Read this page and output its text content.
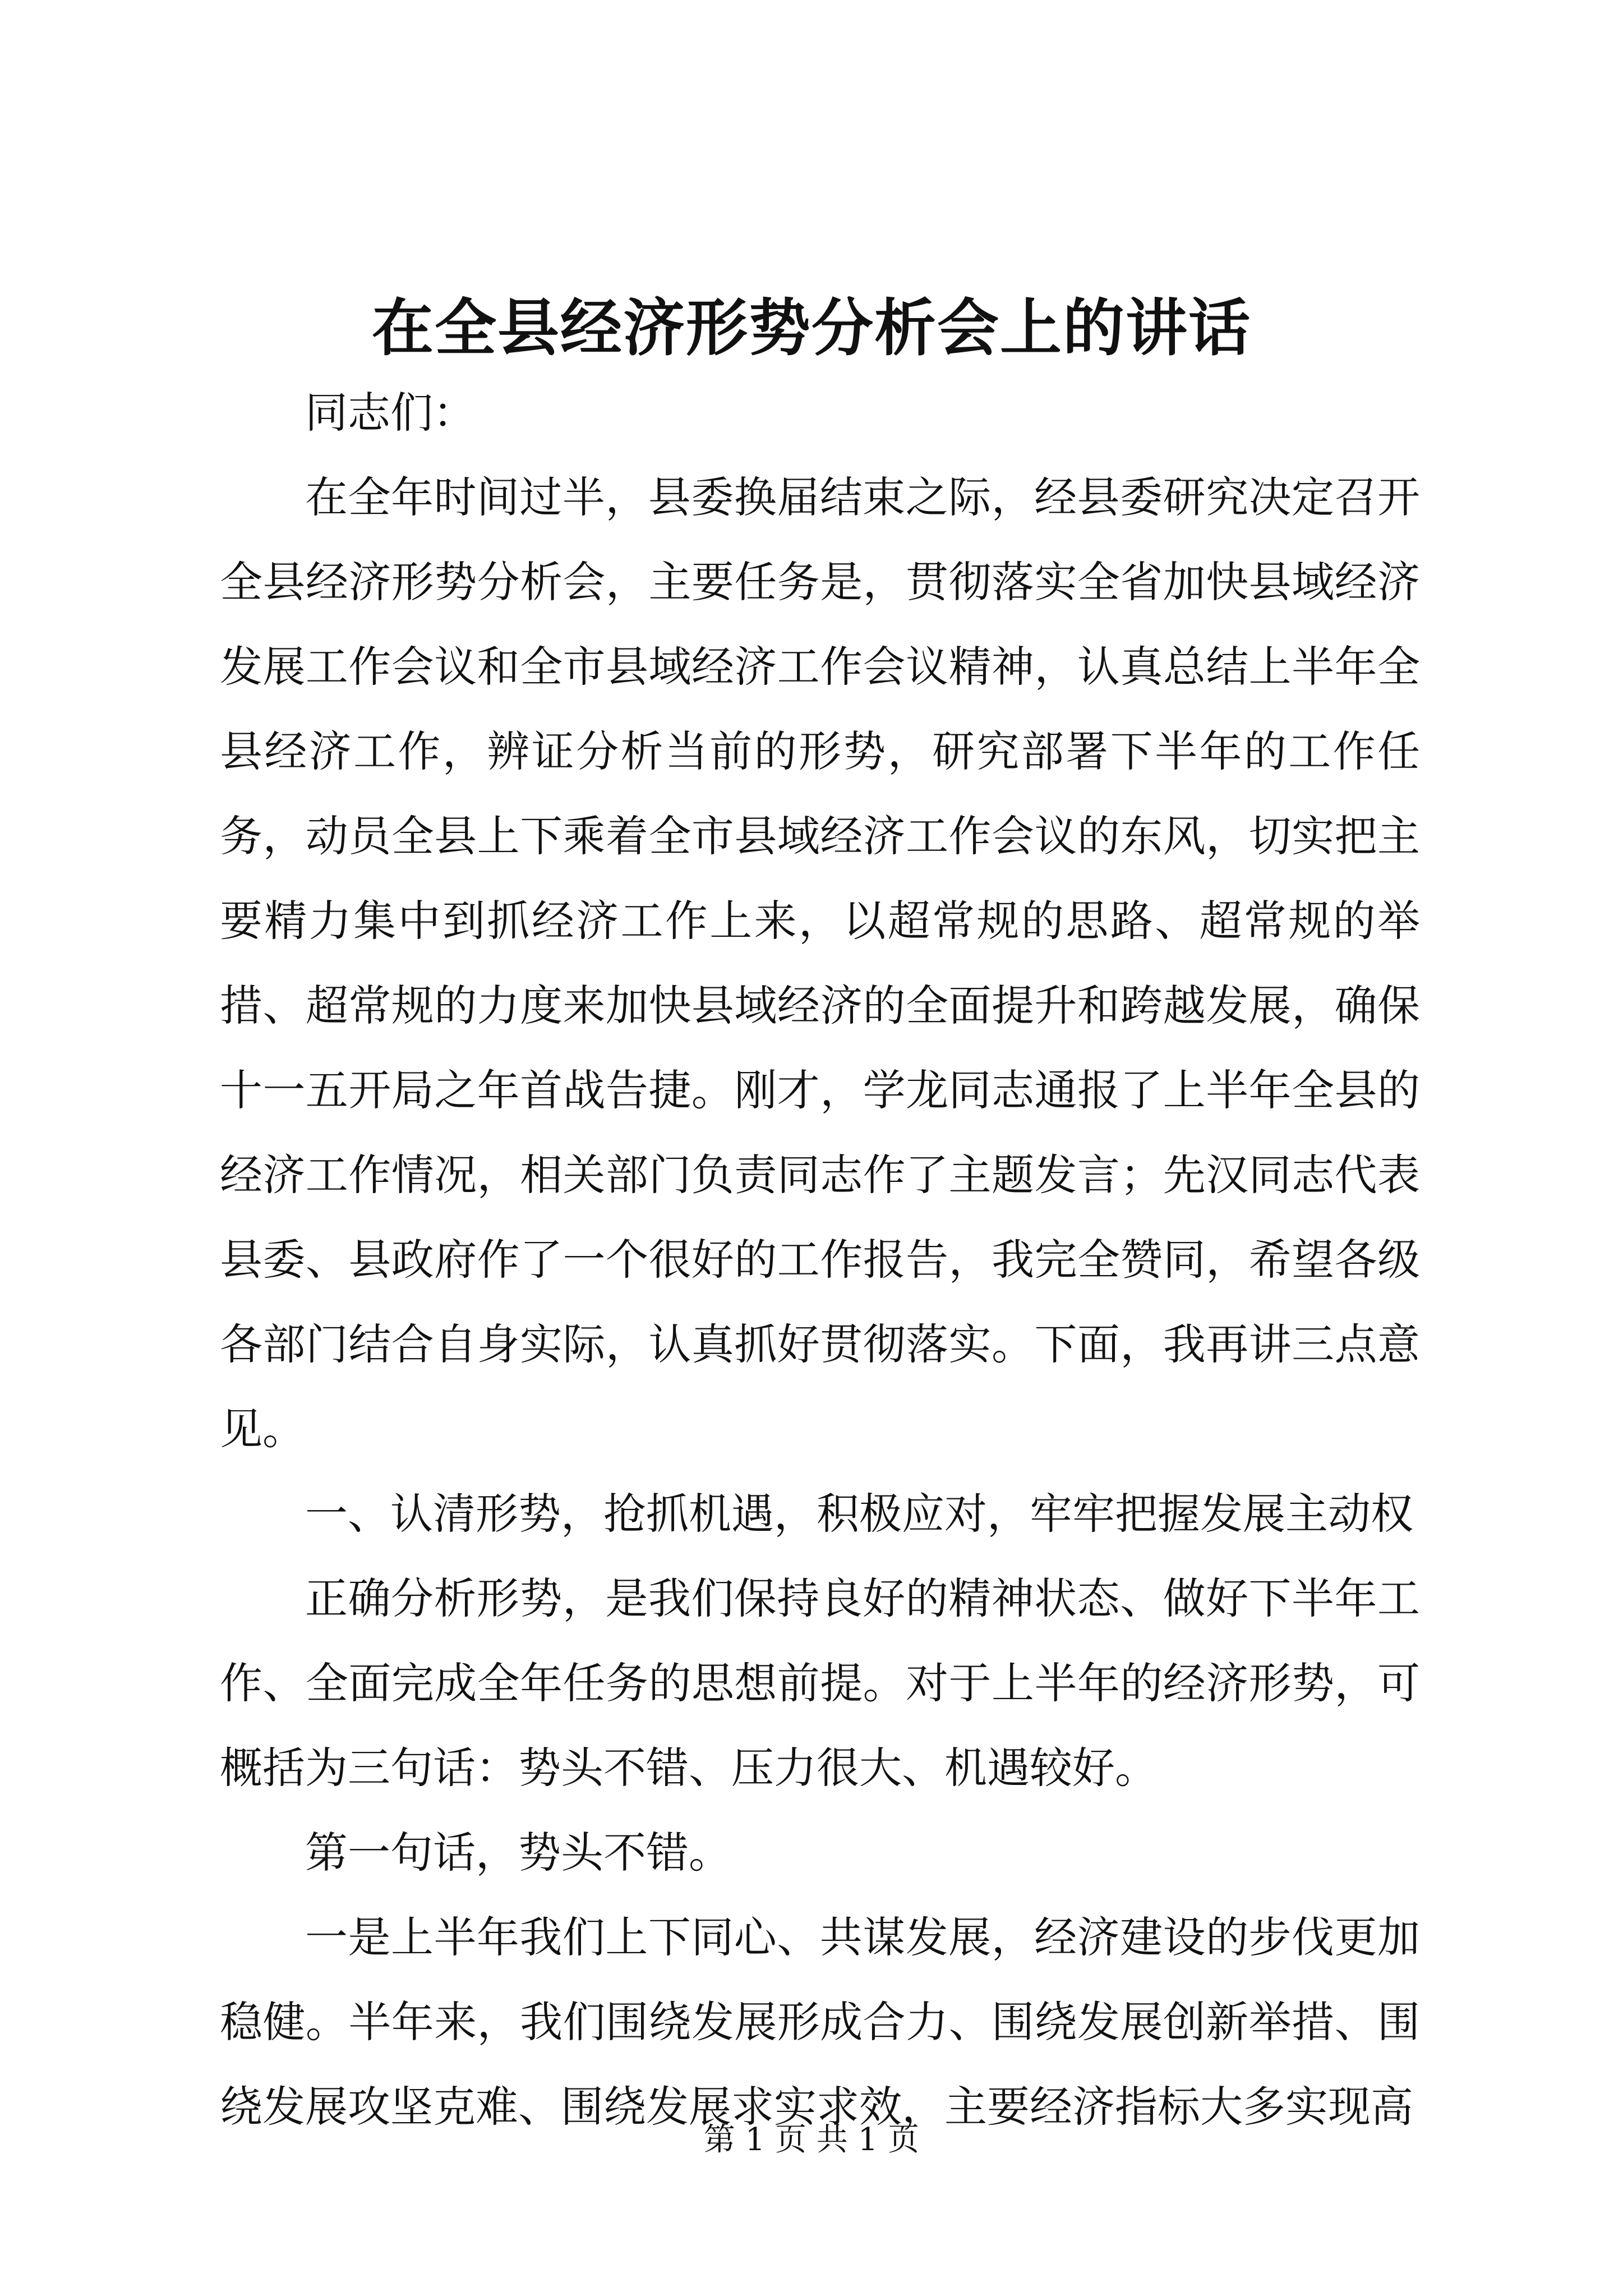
在全县经济形势分析会上的讲话

同志们：

在全年时间过半，县委换届结束之际，经县委研究决定召开全县经济形势分析会，主要任务是，贯彻落实全省加快县域经济发展工作会议和全市县域经济工作会议精神，认真总结上半年全县经济工作，辨证分析当前的形势，研究部署下半年的工作任务，动员全县上下乘着全市县域经济工作会议的东风，切实把主要精力集中到抓经济工作上来，以超常规的思路、超常规的举措、超常规的力度来加快县域经济的全面提升和跨越发展，确保十一五开局之年首战告捷。刚才，学龙同志通报了上半年全县的经济工作情况，相关部门负责同志作了主题发言；先汉同志代表县委、县政府作了一个很好的工作报告，我完全赞同，希望各级各部门结合自身实际，认真抓好贯彻落实。下面，我再讲三点意见。

一、认清形势，抢抓机遇，积极应对，牢牢把握发展主动权

正确分析形势，是我们保持良好的精神状态、做好下半年工作、全面完成全年任务的思想前提。对于上半年的经济形势，可概括为三句话：势头不错、压力很大、机遇较好。

第一句话，势头不错。

一是上半年我们上下同心、共谋发展，经济建设的步伐更加稳健。半年来，我们围绕发展形成合力、围绕发展创新举措、围绕发展攻坚克难、围绕发展求实求效，主要经济指标大多实现高

第 1 页 共 1 页
